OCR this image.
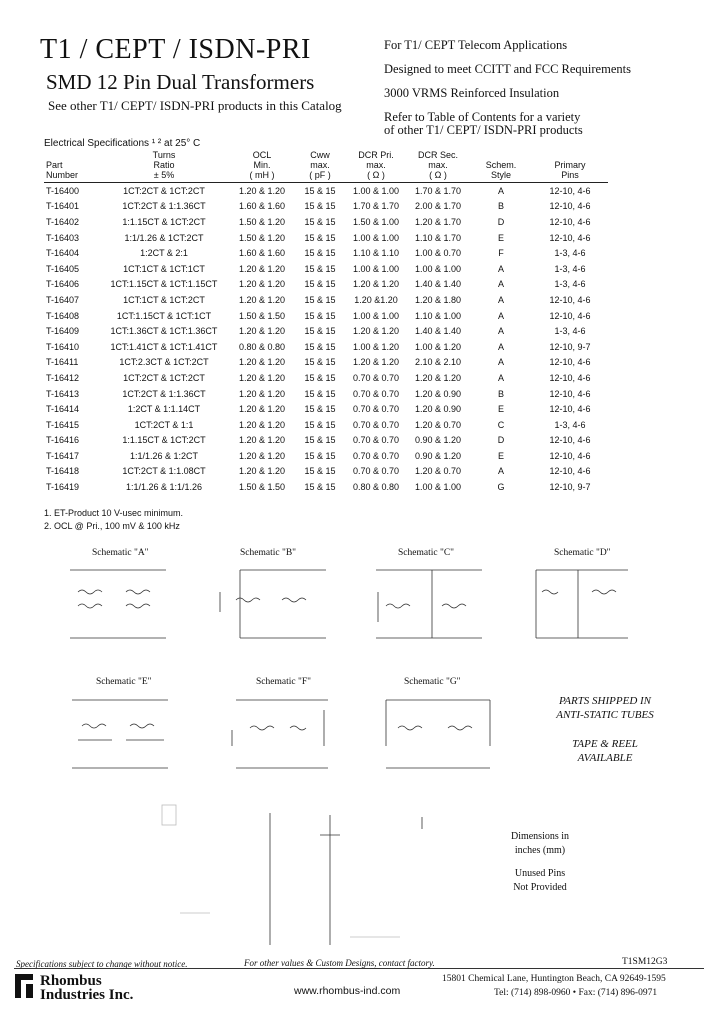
T1 / CEPT / ISDN-PRI
SMD 12 Pin Dual Transformers
See other T1/ CEPT/ ISDN-PRI products in this Catalog
For T1/ CEPT Telecom Applications
Designed to meet CCITT and FCC Requirements
3000 VRMS Reinforced Insulation
Refer to Table of Contents for a variety
of other T1/ CEPT/ ISDN-PRI products
Electrical Specifications ¹ ² at 25° C
Part
Number	Turns
Ratio
± 5%	OCL
Min.
( mH )	Cww
max.
( pF )	DCR Pri.
max.
( Ω )	DCR Sec.
max.
( Ω )	Schem.
Style	Primary
Pins
T-16400	1CT:2CT & 1CT:2CT	1.20 & 1.20	15 & 15	1.00 & 1.00	1.70 & 1.70	A	12-10, 4-6
T-16401	1CT:2CT & 1:1.36CT	1.60 & 1.60	15 & 15	1.70 & 1.70	2.00 & 1.70	B	12-10, 4-6
T-16402	1:1.15CT & 1CT:2CT	1.50 & 1.20	15 & 15	1.50 & 1.00	1.20 & 1.70	D	12-10, 4-6
T-16403	1:1/1.26 & 1CT:2CT	1.50 & 1.20	15 & 15	1.00 & 1.00	1.10 & 1.70	E	12-10, 4-6
T-16404	1:2CT & 2:1	1.60 & 1.60	15 & 15	1.10 & 1.10	1.00 & 0.70	F	1-3, 4-6
T-16405	1CT:1CT & 1CT:1CT	1.20 & 1.20	15 & 15	1.00 & 1.00	1.00 & 1.00	A	1-3, 4-6
T-16406	1CT:1.15CT & 1CT:1.15CT	1.20 & 1.20	15 & 15	1.20 & 1.20	1.40 & 1.40	A	1-3, 4-6
T-16407	1CT:1CT & 1CT:2CT	1.20 & 1.20	15 & 15	1.20 &1.20	1.20 & 1.80	A	12-10, 4-6
T-16408	1CT:1.15CT & 1CT:1CT	1.50 & 1.50	15 & 15	1.00 & 1.00	1.10 & 1.00	A	12-10, 4-6
T-16409	1CT:1.36CT & 1CT:1.36CT	1.20 & 1.20	15 & 15	1.20 & 1.20	1.40 & 1.40	A	1-3, 4-6
T-16410	1CT:1.41CT & 1CT:1.41CT	0.80 & 0.80	15 & 15	1.00 & 1.20	1.00 & 1.20	A	12-10, 9-7
T-16411	1CT:2.3CT & 1CT:2CT	1.20 & 1.20	15 & 15	1.20 & 1.20	2.10 & 2.10	A	12-10, 4-6
T-16412	1CT:2CT & 1CT:2CT	1.20 & 1.20	15 & 15	0.70 & 0.70	1.20 & 1.20	A	12-10, 4-6
T-16413	1CT:2CT & 1:1.36CT	1.20 & 1.20	15 & 15	0.70 & 0.70	1.20 & 0.90	B	12-10, 4-6
T-16414	1:2CT & 1:1.14CT	1.20 & 1.20	15 & 15	0.70 & 0.70	1.20 & 0.90	E	12-10, 4-6
T-16415	1CT:2CT & 1:1	1.20 & 1.20	15 & 15	0.70 & 0.70	1.20 & 0.70	C	1-3, 4-6
T-16416	1:1.15CT & 1CT:2CT	1.20 & 1.20	15 & 15	0.70 & 0.70	0.90 & 1.20	D	12-10, 4-6
T-16417	1:1/1.26 & 1:2CT	1.20 & 1.20	15 & 15	0.70 & 0.70	0.90 & 1.20	E	12-10, 4-6
T-16418	1CT:2CT & 1:1.08CT	1.20 & 1.20	15 & 15	0.70 & 0.70	1.20 & 0.70	A	12-10, 4-6
T-16419	1:1/1.26 & 1:1/1.26	1.50 & 1.50	15 & 15	0.80 & 0.80	1.00 & 1.00	G	12-10, 9-7
1. ET-Product 10 V-usec minimum.
2. OCL @ Pri., 100 mV & 100 kHz
Schematic "A"	Schematic "B"	Schematic "C"	Schematic "D"
Schematic "E"	Schematic "F"	Schematic "G"
PARTS SHIPPED IN
ANTI-STATIC TUBES
TAPE & REEL
AVAILABLE
Dimensions in
inches (mm)
Unused Pins
Not Provided
Specifications subject to change without notice.	For other values & Custom Designs, contact factory.	T1SM12G3
Rhombus
Industries Inc.	www.rhombus-ind.com
15801 Chemical Lane, Huntington Beach, CA 92649-1595
Tel: (714) 898-0960 • Fax: (714) 896-0971
